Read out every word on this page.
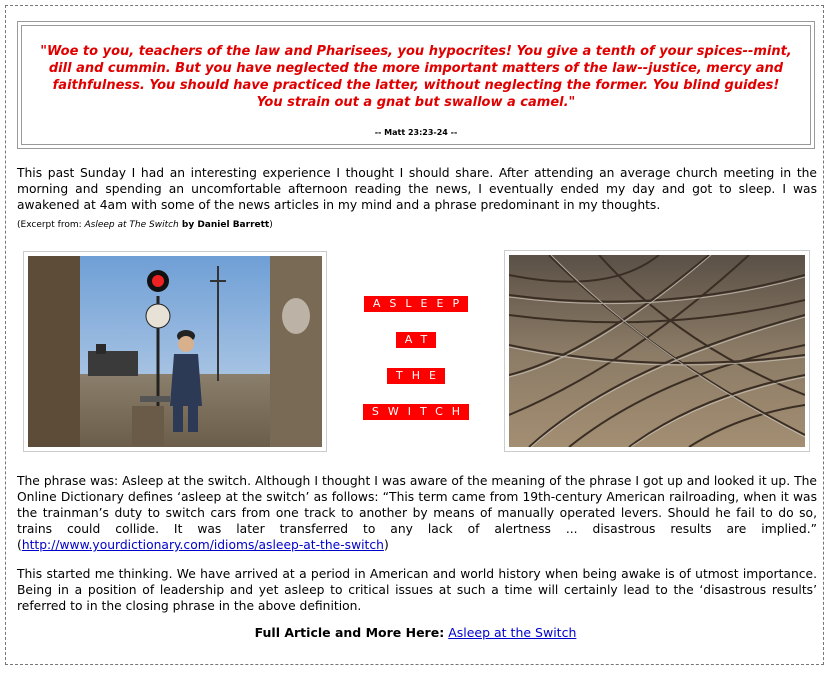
"Woe to you, teachers of the law and Pharisees, you hypocrites! You give a tenth of your spices--mint, dill and cummin. But you have neglected the more important matters of the law--justice, mercy and faithfulness. You should have practiced the latter, without neglecting the former. You blind guides! You strain out a gnat but swallow a camel."
-- Matt 23:23-24 --

This past Sunday I had an interesting experience I thought I should share. After attending an average church meeting in the morning and spending an uncomfortable afternoon reading the news, I eventually ended my day and got to sleep. I was awakened at 4am with some of the news articles in my mind and a phrase predominant in my thoughts.

(Excerpt from: Asleep at The Switch by Daniel Barrett)
ASLEEP
AT
THE
SWITCH

The phrase was: Asleep at the switch. Although I thought I was aware of the meaning of the phrase I got up and looked it up. The Online Dictionary defines ‘asleep at the switch’ as follows: “This term came from 19th-century American railroading, when it was the trainman’s duty to switch cars from one track to another by means of manually operated levers. Should he fail to do so, trains could collide. It was later transferred to any lack of alertness ... disastrous results are implied.” (http://www.yourdictionary.com/idioms/asleep-at-the-switch)

This started me thinking. We have arrived at a period in American and world history when being awake is of utmost importance. Being in a position of leadership and yet asleep to critical issues at such a time will certainly lead to the ‘disastrous results’ referred to in the closing phrase in the above definition.

Full Article and More Here: Asleep at the Switch
